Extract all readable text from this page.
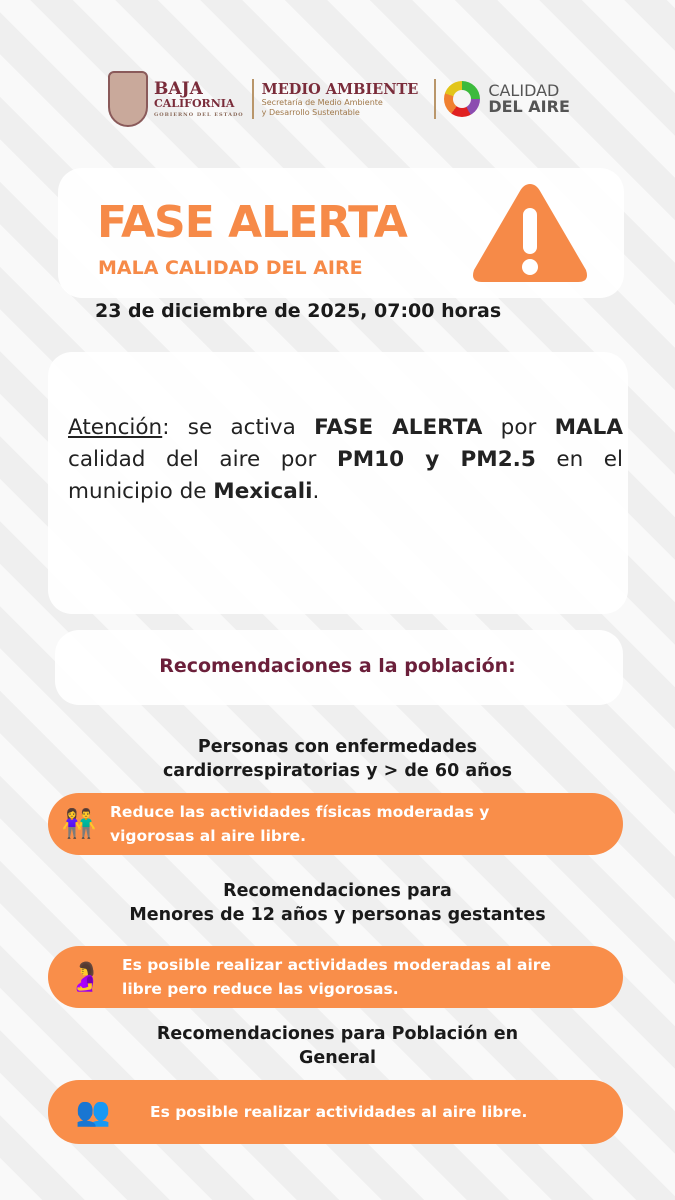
BAJA
CALIFORNIA
GOBIERNO DEL ESTADO
MEDIO AMBIENTE
Secretaría de Medio Ambiente
y Desarrollo Sustentable
CALIDAD
DEL AIRE
FASE ALERTA
MALA CALIDAD DEL AIRE
23 de diciembre de 2025, 07:00 horas
Atención: se activa FASE ALERTA por MALA calidad del aire por PM10 y PM2.5 en el municipio de Mexicali.
Recomendaciones a la población:
Personas con enfermedades
cardiorrespiratorias y > de 60 años
👫 Reduce las actividades físicas moderadas y
vigorosas al aire libre.
Recomendaciones para
Menores de 12 años y personas gestantes
🤰	Es posible realizar actividades moderadas al aire
libre pero reduce las vigorosas.
Recomendaciones para Población en
General
👥	Es posible realizar actividades al aire libre.
